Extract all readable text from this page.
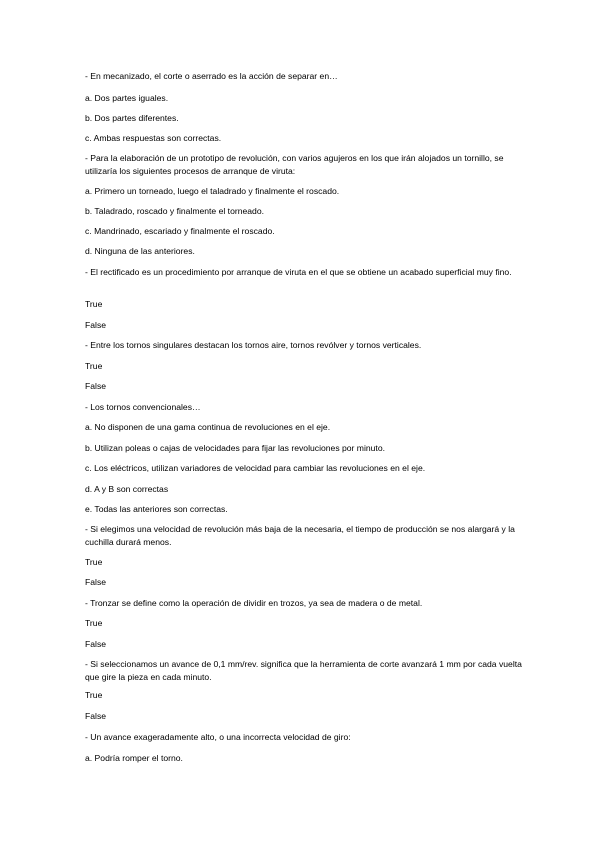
- En mecanizado, el corte o aserrado es la acción de separar en…
a. Dos partes iguales.
b. Dos partes diferentes.
c. Ambas respuestas son correctas.
- Para la elaboración de un prototipo de revolución, con varios agujeros en los que irán alojados un tornillo, se utilizaría los siguientes procesos de arranque de viruta:
a. Primero un torneado, luego el taladrado y finalmente el roscado.
b. Taladrado, roscado y finalmente el torneado.
c. Mandrinado, escariado y finalmente el roscado.
d. Ninguna de las anteriores.
- El rectificado es un procedimiento por arranque de viruta en el que se obtiene un acabado superficial muy fino.
True
False
- Entre los tornos singulares destacan los tornos aire, tornos revólver y tornos verticales.
True
False
- Los tornos convencionales…
a. No disponen de una gama continua de revoluciones en el eje.
b. Utilizan poleas o cajas de velocidades para fijar las revoluciones por minuto.
c. Los eléctricos, utilizan variadores de velocidad para cambiar las revoluciones en el eje.
d. A y B son correctas
e. Todas las anteriores son correctas.
- Si elegimos una velocidad de revolución más baja de la necesaria, el tiempo de producción se nos alargará y la cuchilla durará menos.
True
False
- Tronzar se define como la operación de dividir en trozos, ya sea de madera o de metal.
True
False
- Si seleccionamos un avance de 0,1 mm/rev. significa que la herramienta de corte avanzará 1 mm por cada vuelta que gire la pieza en cada minuto.
True
False
- Un avance exageradamente alto, o una incorrecta velocidad de giro:
a. Podría romper el torno.
